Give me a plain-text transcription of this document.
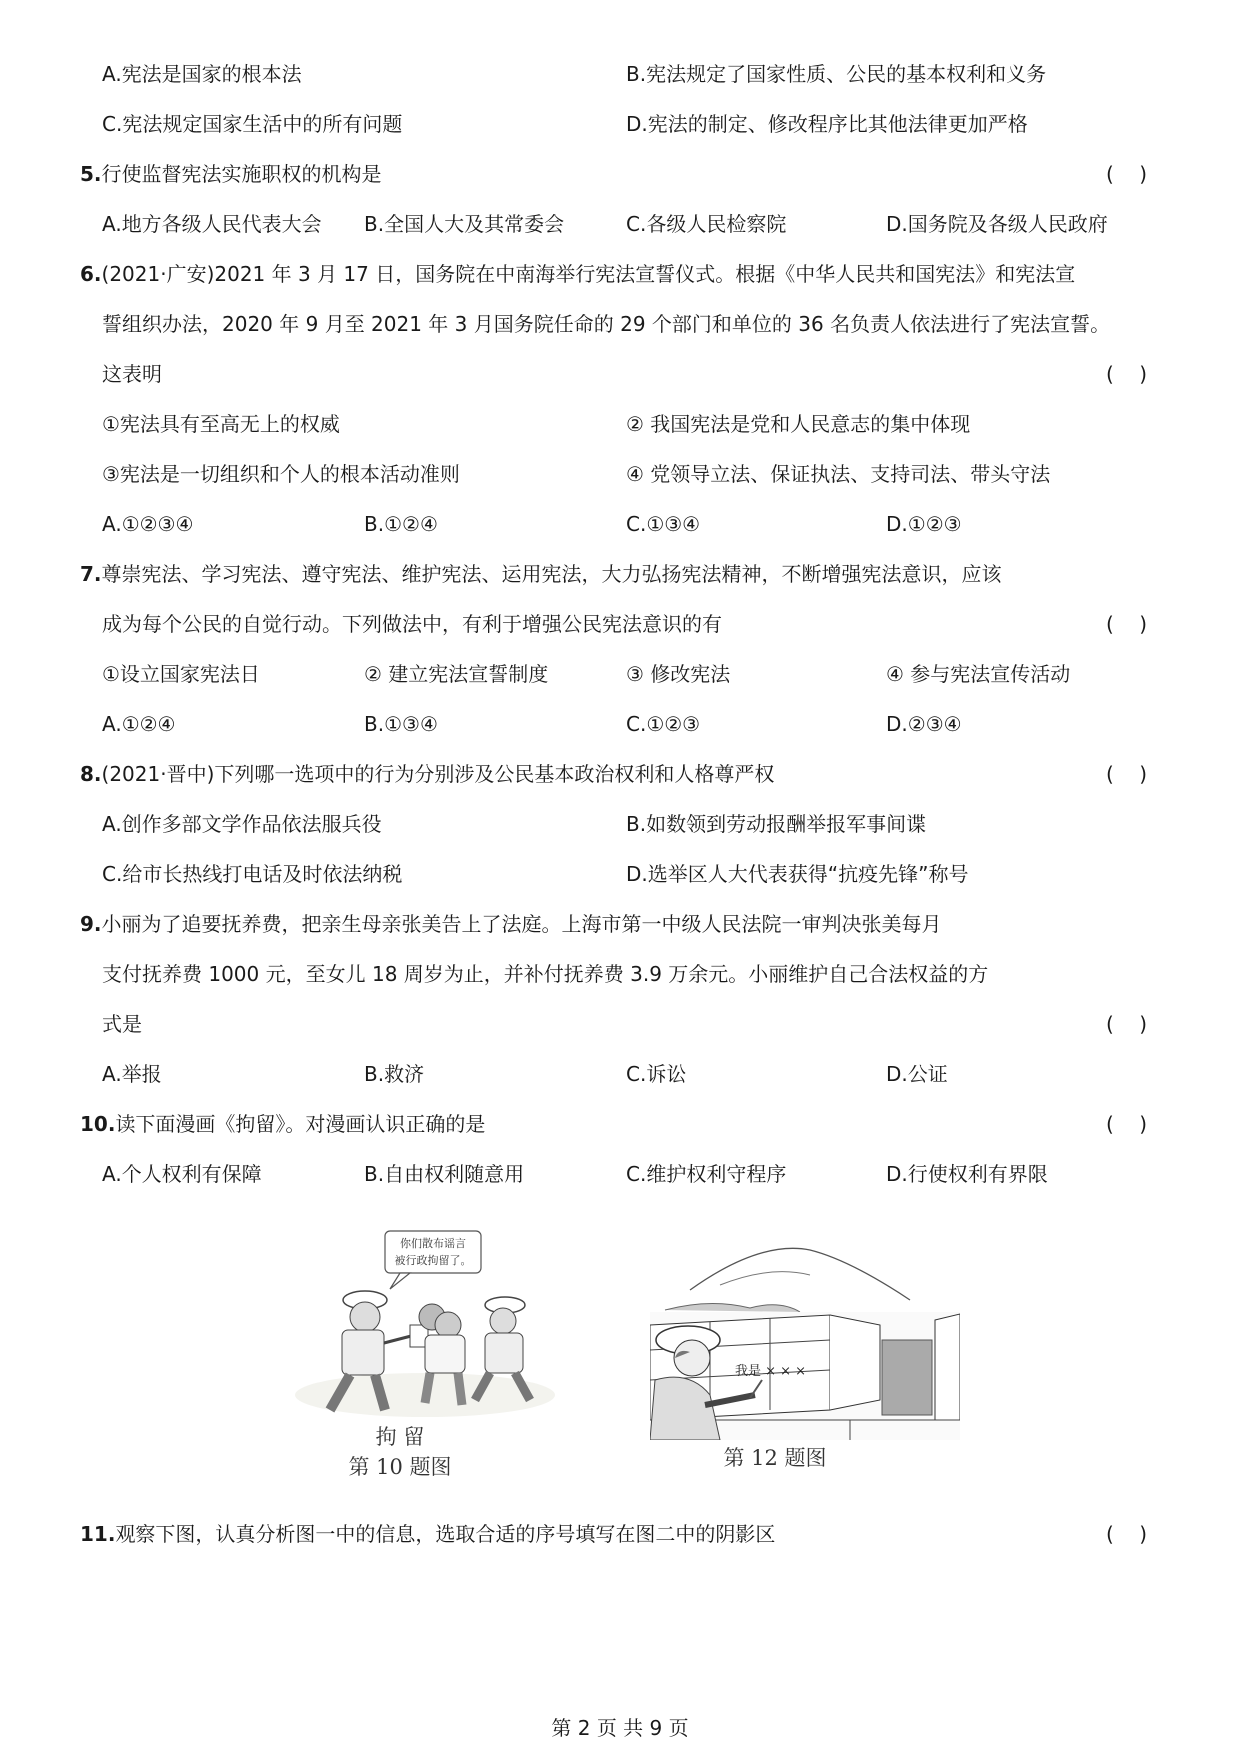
A.宪法是国家的根本法	B.宪法规定了国家性质、公民的基本权利和义务
C.宪法规定国家生活中的所有问题	D.宪法的制定、修改程序比其他法律更加严格
5.行使监督宪法实施职权的机构是	(    )
A.地方各级人民代表大会 B.全国人大及其常委会	C.各级人民检察院	D.国务院及各级人民政府
6.(2021·广安)2021 年 3 月 17 日，国务院在中南海举行宪法宣誓仪式。根据《中华人民共和国宪法》和宪法宣
誓组织办法，2020 年 9 月至 2021 年 3 月国务院任命的 29 个部门和单位的 36 名负责人依法进行了宪法宣誓。
这表明	(    )
①宪法具有至高无上的权威	② 我国宪法是党和人民意志的集中体现
③宪法是一切组织和个人的根本活动准则	④ 党领导立法、保证执法、支持司法、带头守法
A.①②③④	B.①②④	C.①③④	D.①②③
7.尊崇宪法、学习宪法、遵守宪法、维护宪法、运用宪法，大力弘扬宪法精神，不断增强宪法意识，应该
成为每个公民的自觉行动。下列做法中，有利于增强公民宪法意识的有	(    )
①设立国家宪法日	② 建立宪法宣誓制度	③ 修改宪法	④ 参与宪法宣传活动
A.①②④	B.①③④	C.①②③	D.②③④
8.(2021·晋中)下列哪一选项中的行为分别涉及公民基本政治权利和人格尊严权	(    )
A.创作多部文学作品依法服兵役	B.如数领到劳动报酬举报军事间谍
C.给市长热线打电话及时依法纳税	D.选举区人大代表获得“抗疫先锋”称号
9.小丽为了追要抚养费，把亲生母亲张美告上了法庭。上海市第一中级人民法院一审判决张美每月
支付抚养费 1000 元，至女儿 18 周岁为止，并补付抚养费 3.9 万余元。小丽维护自己合法权益的方
式是	(    )
A.举报	B.救济	C.诉讼	D.公证
10.读下面漫画《拘留》。对漫画认识正确的是	(    )
A.个人权利有保障	B.自由权利随意用	C.维护权利守程序	D.行使权利有界限
你们散布谣言
被行政拘留了。
拘 留
第 10 题图
我是 × × ×
第 12 题图
11.观察下图，认真分析图一中的信息，选取合适的序号填写在图二中的阴影区	(    )
第 2 页 共 9 页
